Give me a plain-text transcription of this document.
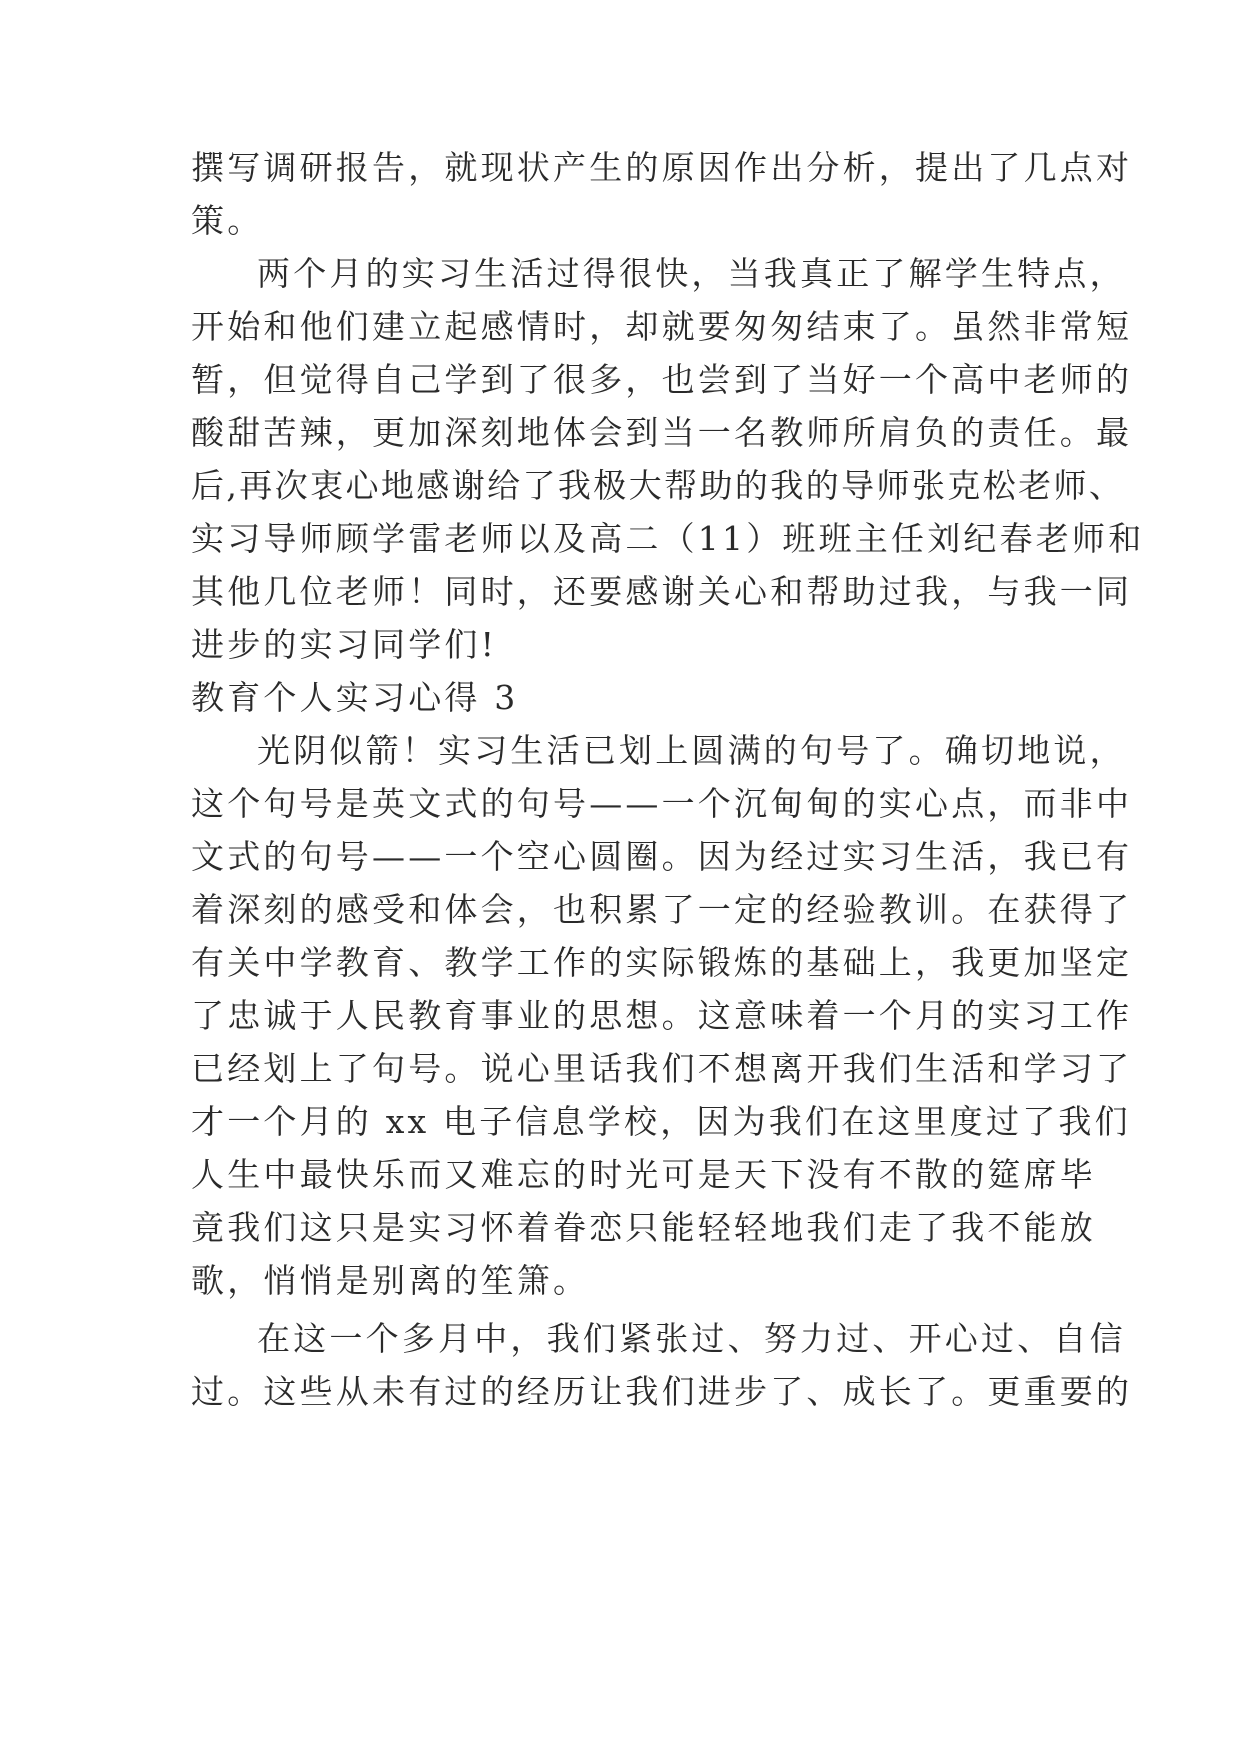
撰写调研报告，就现状产生的原因作出分析，提出了几点对
策。
两个月的实习生活过得很快，当我真正了解学生特点，
开始和他们建立起感情时，却就要匆匆结束了。虽然非常短
暂，但觉得自己学到了很多，也尝到了当好一个高中老师的
酸甜苦辣，更加深刻地体会到当一名教师所肩负的责任。最
后,再次衷心地感谢给了我极大帮助的我的导师张克松老师、
实习导师顾学雷老师以及高二（11）班班主任刘纪春老师和
其他几位老师！同时，还要感谢关心和帮助过我，与我一同
进步的实习同学们!
教育个人实习心得 3
光阴似箭！实习生活已划上圆满的句号了。确切地说，
这个句号是英文式的句号——一个沉甸甸的实心点，而非中
文式的句号——一个空心圆圈。因为经过实习生活，我已有
着深刻的感受和体会，也积累了一定的经验教训。在获得了
有关中学教育、教学工作的实际锻炼的基础上，我更加坚定
了忠诚于人民教育事业的思想。这意味着一个月的实习工作
已经划上了句号。说心里话我们不想离开我们生活和学习了
才一个月的 xx 电子信息学校，因为我们在这里度过了我们
人生中最快乐而又难忘的时光可是天下没有不散的筵席毕
竟我们这只是实习怀着眷恋只能轻轻地我们走了我不能放
歌，悄悄是别离的笙箫。
在这一个多月中，我们紧张过、努力过、开心过、自信
过。这些从未有过的经历让我们进步了、成长了。更重要的
